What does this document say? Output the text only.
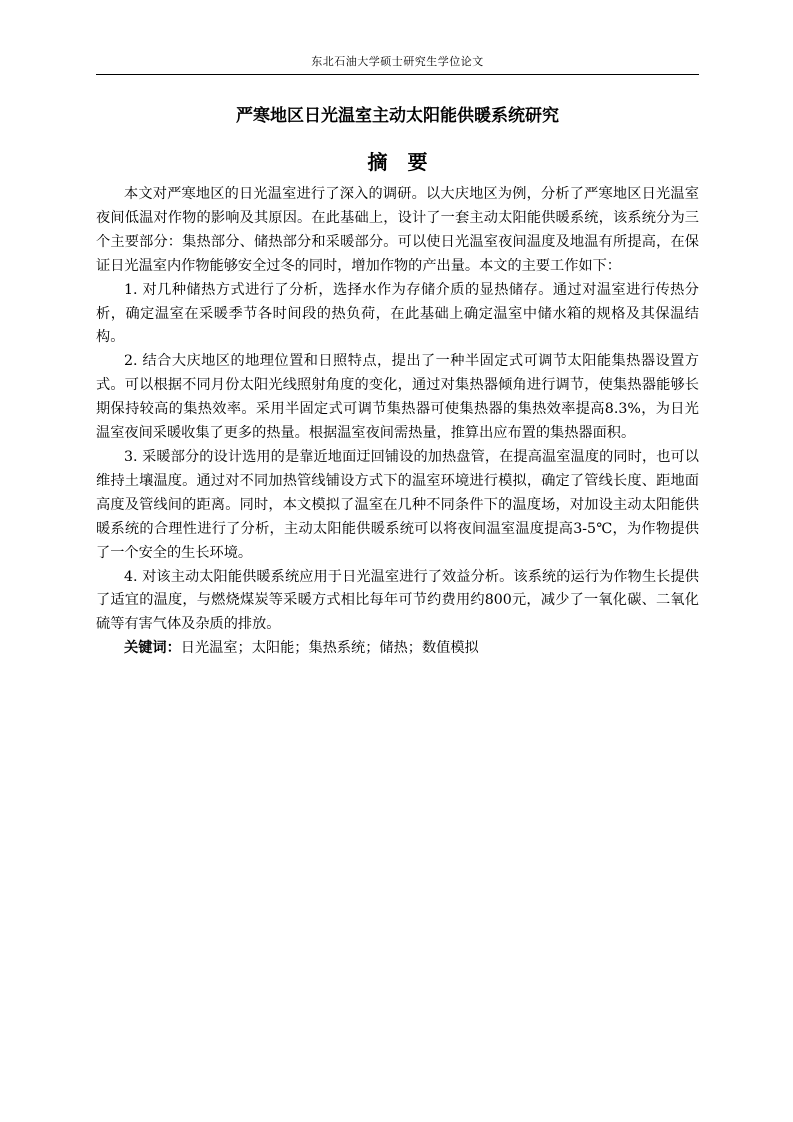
东北石油大学硕士研究生学位论文
严寒地区日光温室主动太阳能供暖系统研究
摘要

本文对严寒地区的日光温室进行了深入的调研。以大庆地区为例，分析了严寒地区日光温室夜间低温对作物的影响及其原因。在此基础上，设计了一套主动太阳能供暖系统，该系统分为三个主要部分：集热部分、储热部分和采暖部分。可以使日光温室夜间温度及地温有所提高，在保证日光温室内作物能够安全过冬的同时，增加作物的产出量。本文的主要工作如下：

1. 对几种储热方式进行了分析，选择水作为存储介质的显热储存。通过对温室进行传热分析，确定温室在采暖季节各时间段的热负荷，在此基础上确定温室中储水箱的规格及其保温结构。

2. 结合大庆地区的地理位置和日照特点，提出了一种半固定式可调节太阳能集热器设置方式。可以根据不同月份太阳光线照射角度的变化，通过对集热器倾角进行调节，使集热器能够长期保持较高的集热效率。采用半固定式可调节集热器可使集热器的集热效率提高8.3%，为日光温室夜间采暖收集了更多的热量。根据温室夜间需热量，推算出应布置的集热器面积。

3. 采暖部分的设计选用的是靠近地面迂回铺设的加热盘管，在提高温室温度的同时，也可以维持土壤温度。通过对不同加热管线铺设方式下的温室环境进行模拟，确定了管线长度、距地面高度及管线间的距离。同时，本文模拟了温室在几种不同条件下的温度场，对加设主动太阳能供暖系统的合理性进行了分析，主动太阳能供暖系统可以将夜间温室温度提高3-5℃，为作物提供了一个安全的生长环境。

4. 对该主动太阳能供暖系统应用于日光温室进行了效益分析。该系统的运行为作物生长提供了适宜的温度，与燃烧煤炭等采暖方式相比每年可节约费用约800元，减少了一氧化碳、二氧化硫等有害气体及杂质的排放。

关键词：日光温室；太阳能；集热系统；储热；数值模拟
